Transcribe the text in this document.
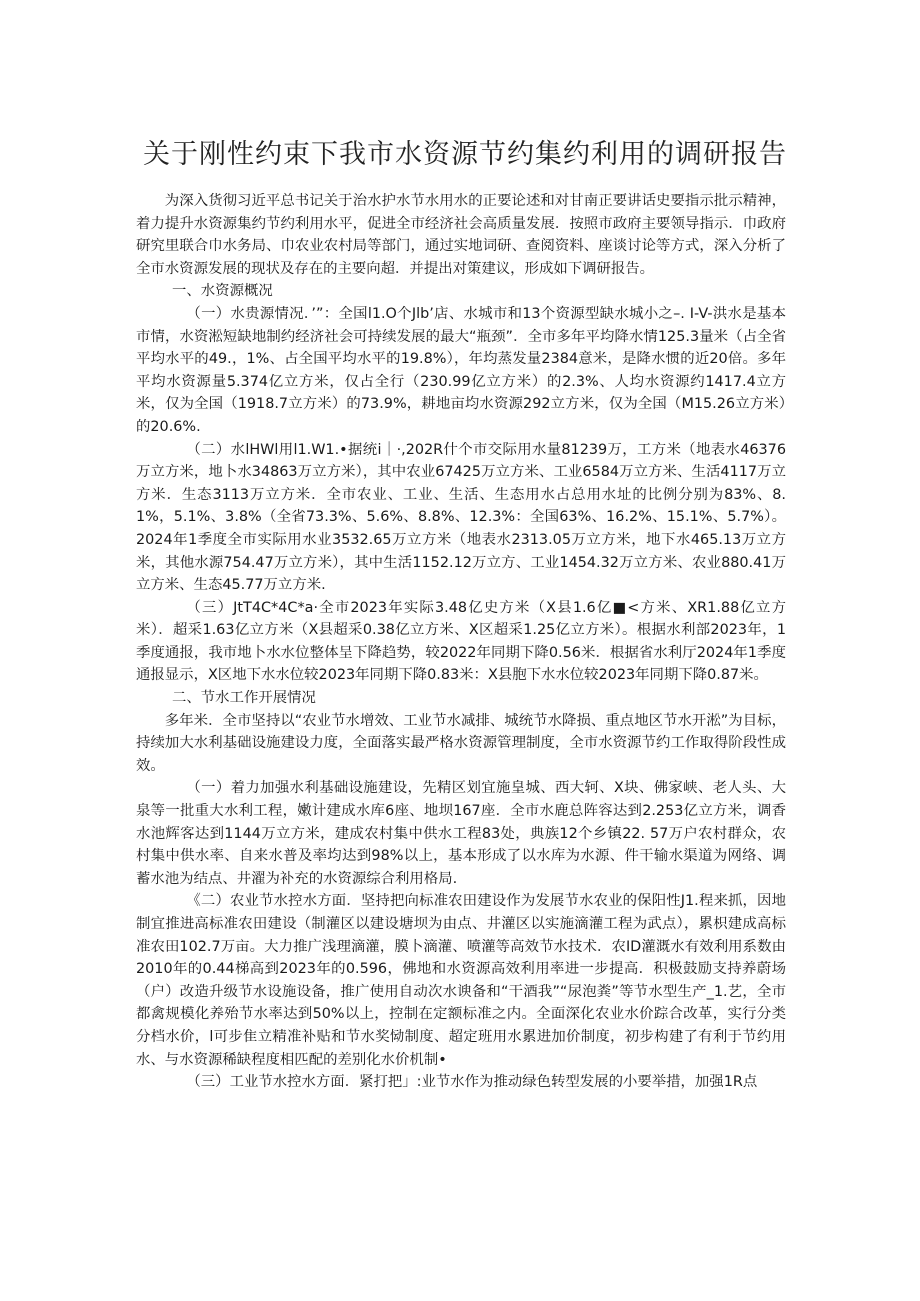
关于刚性约束下我市水资源节约集约利用的调研报告

为深入货彻习近平总书记关于治水护水节水用水的正要论述和对甘南正要讲话史要指示批示精神，着力提升水资源集约节约利用水平，促进全市经济社会高质量发展．按照市政府主要领导指示．巾政府研究里联合巾水务局、巾农业农村局等部门，通过实地词研、查阅资料、座谈讨论等方式，深入分析了全市水资源发展的现状及存在的主要向超．并提出对策建议，形成如下调研报告。

一、水资源概况

（一）水贵源情况．’”：全国l1.O个Jlb’店、水城市和13个资源型缺水城小之–. I-V-洪水是基本市情，水资淞短缺地制约经济社会可持续发展的最大“瓶颈”．全市多年平均降水情125.3量米（占全省平均水平的49.，1%、占全国平均水平的19.8%），年均蒸发量2384意米，是降水惯的近20倍。多年平均水资源量5.374亿立方米，仅占全行（230.99亿立方米）的2.3%、人均水资源约1417.4立方米，仅为全国（1918.7立方米）的73.9%，耕地亩均水资源292立方米，仅为全国（M15.26立方米）的20.6%.

（二）水lHWl用l1.W1.•据统i｜·,202R什个市交际用水量81239万，工方米（地表水46376万立方米，地卜水34863万立方米），其中农业67425万立方米、工业6584万立方米、生活4117万立方米．生态3113万立方米．全市农业、工业、生活、生态用水占总用水址的比例分别为83%、8.1%，5.1%、3.8%（全省73.3%、5.6%、8.8%、12.3%：全国63%、16.2%、15.1%、5.7%）。2024年1季度全市实际用水业3532.65万立方米（地表水2313.05万立方米，地下水465.13万立方米，其他水源754.47万立方米），其中生活1152.12万立方、工业1454.32万立方米、农业880.41万立方米、生态45.77万立方米.

（三）JtT4C*4C*a·全市2023年实际3.48亿史方米（X县1.6亿■<方米、XR1.88亿立方米）．超采1.63亿立方米（X县超采0.38亿立方米、X区超采1.25亿立方米）。根据水利部2023年，1季度通报，我市地卜水水位整体呈下降趋势，较2022年同期下降0.56米．根据省水利厅2024年1季度通报显示，X区地下水水位较2023年同期下降0.83米：X县胞下水水位较2023年同期下降0.87米。

二、节水工作开展情况

多年米．全市坚持以“农业节水增效、工业节水减排、城统节水降损、重点地区节水开淞”为目标，持续加大水利基础设施建设力度，全面落实最严格水资源管理制度，全市水资源节约工作取得阶段性成效。

（一）着力加强水利基础设施建设，先精区划宜施皇城、西大轲、X块、佛家峡、老人头、大泉等一批重大水利工程，嫩计建成水库6座、地坝167座．全市水鹿总阵容达到2.253亿立方米，调香水池辉客达到1144万立方米，建成农村集中供水工程83处，典族12个乡镇22. 57万户农村群众，农村集中供水率、自来水普及率均达到98%以上，基本形成了以水库为水源、件干输水渠道为网络、调蓄水池为结点、井濯为补充的水资源综合利用格局.

《二）农业节水控水方面．坚持把向标准农田建设作为发展节水农业的保阳性J1.程来抓，因地制宜推进高标准农田建设（制灌区以建设塘坝为由点、井灌区以实施滴灌工程为武点），累枳建成高标准农田102.7万亩。大力推广浅理滴灌，膜卜滴灌、喷灌等高效节水技术．农ID灌溉水有效利用系数由2010年的0.44梯高到2023年的0.596，佛地和水资源高效利用率进一步提高．积极鼓励支持养蔚场（户）改造升级节水设施设备，推广使用自动次水谀备和“干酒我”“尿泡粪”等节水型生产_1.艺，全市都禽规模化养殆节水率达到50%以上，控制在定额标准之内。全面深化农业水价踪合改革，实行分类分档水价，l可步隹立精准补贴和节水奖恸制度、超定班用水累进加价制度，初步构建了有利于节约用水、与水资源稀缺程度相匹配的差别化水价机制•

（三）工业节水控水方面．紧打把」:业节水作为推动绿色转型发展的小要举措，加强1R点
